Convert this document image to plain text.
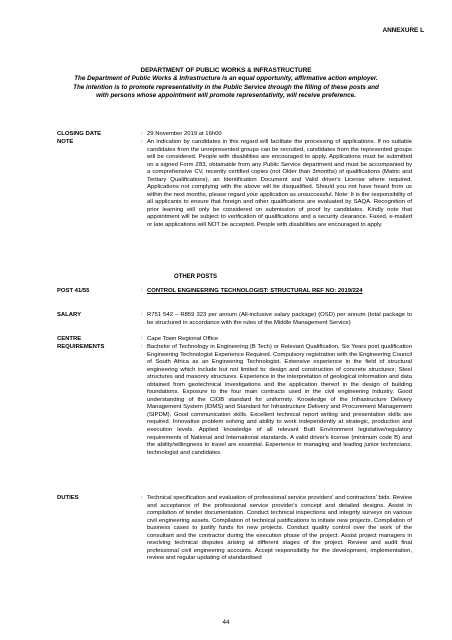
ANNEXURE L
DEPARTMENT OF PUBLIC WORKS & INFRASTRUCTURE
The Department of Public Works & Infrastructure is an equal opportunity, affirmative action employer.
The intention is to promote representativity in the Public Service through the filling of these posts and
with persons whose appointment will promote representativity, will receive preference.
CLOSING DATE	: 29 November 2019 at 16h00
NOTE	: An indication by candidates in this regard will facilitate the processing of applications. If no suitable candidates from the unrepresented groups can be recruited, candidates from the represented groups will be considered. People with disabilities are encouraged to apply. Applications must be submitted on a signed Form Z83, obtainable from any Public Service department and must be accompanied by a comprehensive CV, recently certified copies (not Older than 3months) of qualifications (Matric and Tertiary Qualifications), an Identification Document and Valid driver's License where required. Applications not complying with the above will be disqualified. Should you not have heard from us within the next months, please regard your application as unsuccessful. Note: It is the responsibility of all applicants to ensure that foreign and other qualifications are evaluated by SAQA. Recognition of prior learning will only be considered on submission of proof by candidates. Kindly note that appointment will be subject to verification of qualifications and a security clearance. Faxed, e-mailed or late applications will NOT be accepted. People with disabilities are encouraged to apply.
OTHER POSTS
POST 41/55	: CONTROL ENGINEERING TECHNOLOGIST: STRUCTURAL REF NO: 2019/224
SALARY	: R751 542 – R859 323 per annum (All-inclusive salary package) (OSD) per annum (total package to be structured in accordance with the rules of the Middle Management Service)
CENTRE	: Cape Town Regional Office
REQUIREMENTS	: Bachelor of Technology in Engineering (B Tech) or Relevant Qualification, Six Years post qualification Engineering Technologist Experience Required. Compulsory registration with the Engineering Council of South Africa as an Engineering Technologist. Extensive experience in the field of structural engineering which include but not limited to: design and construction of concrete structures; Steel structures and masonry structures. Experience in the interpretation of geological information and data obtained from geotechnical investigations and the application thereof in the design of building foundations. Exposure to the four main contracts used in the civil engineering industry. Good understanding of the CIOB standard for uniformity. Knowledge of the Infrastructure Delivery Management System (IDMS) and Standard for Infrastructure Delivery and Procurement Management (SIPDM). Good communication skills. Excellent technical report writing and presentation skills are required. Innovative problem solving and ability to work independently at strategic, production and execution levels. Applied knowledge of all relevant Built Environment legislative/regulatory requirements of National and International standards. A valid driver's license (minimum code B) and the ability/willingness to travel are essential. Experience in managing and leading junior technicians, technologist and candidates.
DUTIES	: Technical specification and evaluation of professional service providers' and contractors' bids. Review and acceptance of the professional service provider's concept and detailed designs. Assist in compilation of tender documentation. Conduct technical inspections and integrity surveys on various civil engineering assets. Compilation of technical justifications to initiate new projects. Compilation of business cases to justify funds for new projects. Conduct quality control over the work of the consultant and the contractor during the execution phase of the project. Assist project managers in resolving technical disputes arising at different stages of the project. Review and audit final professional civil engineering accounts. Accept responsibility for the development, implementation, review and regular updating of standardised
44
